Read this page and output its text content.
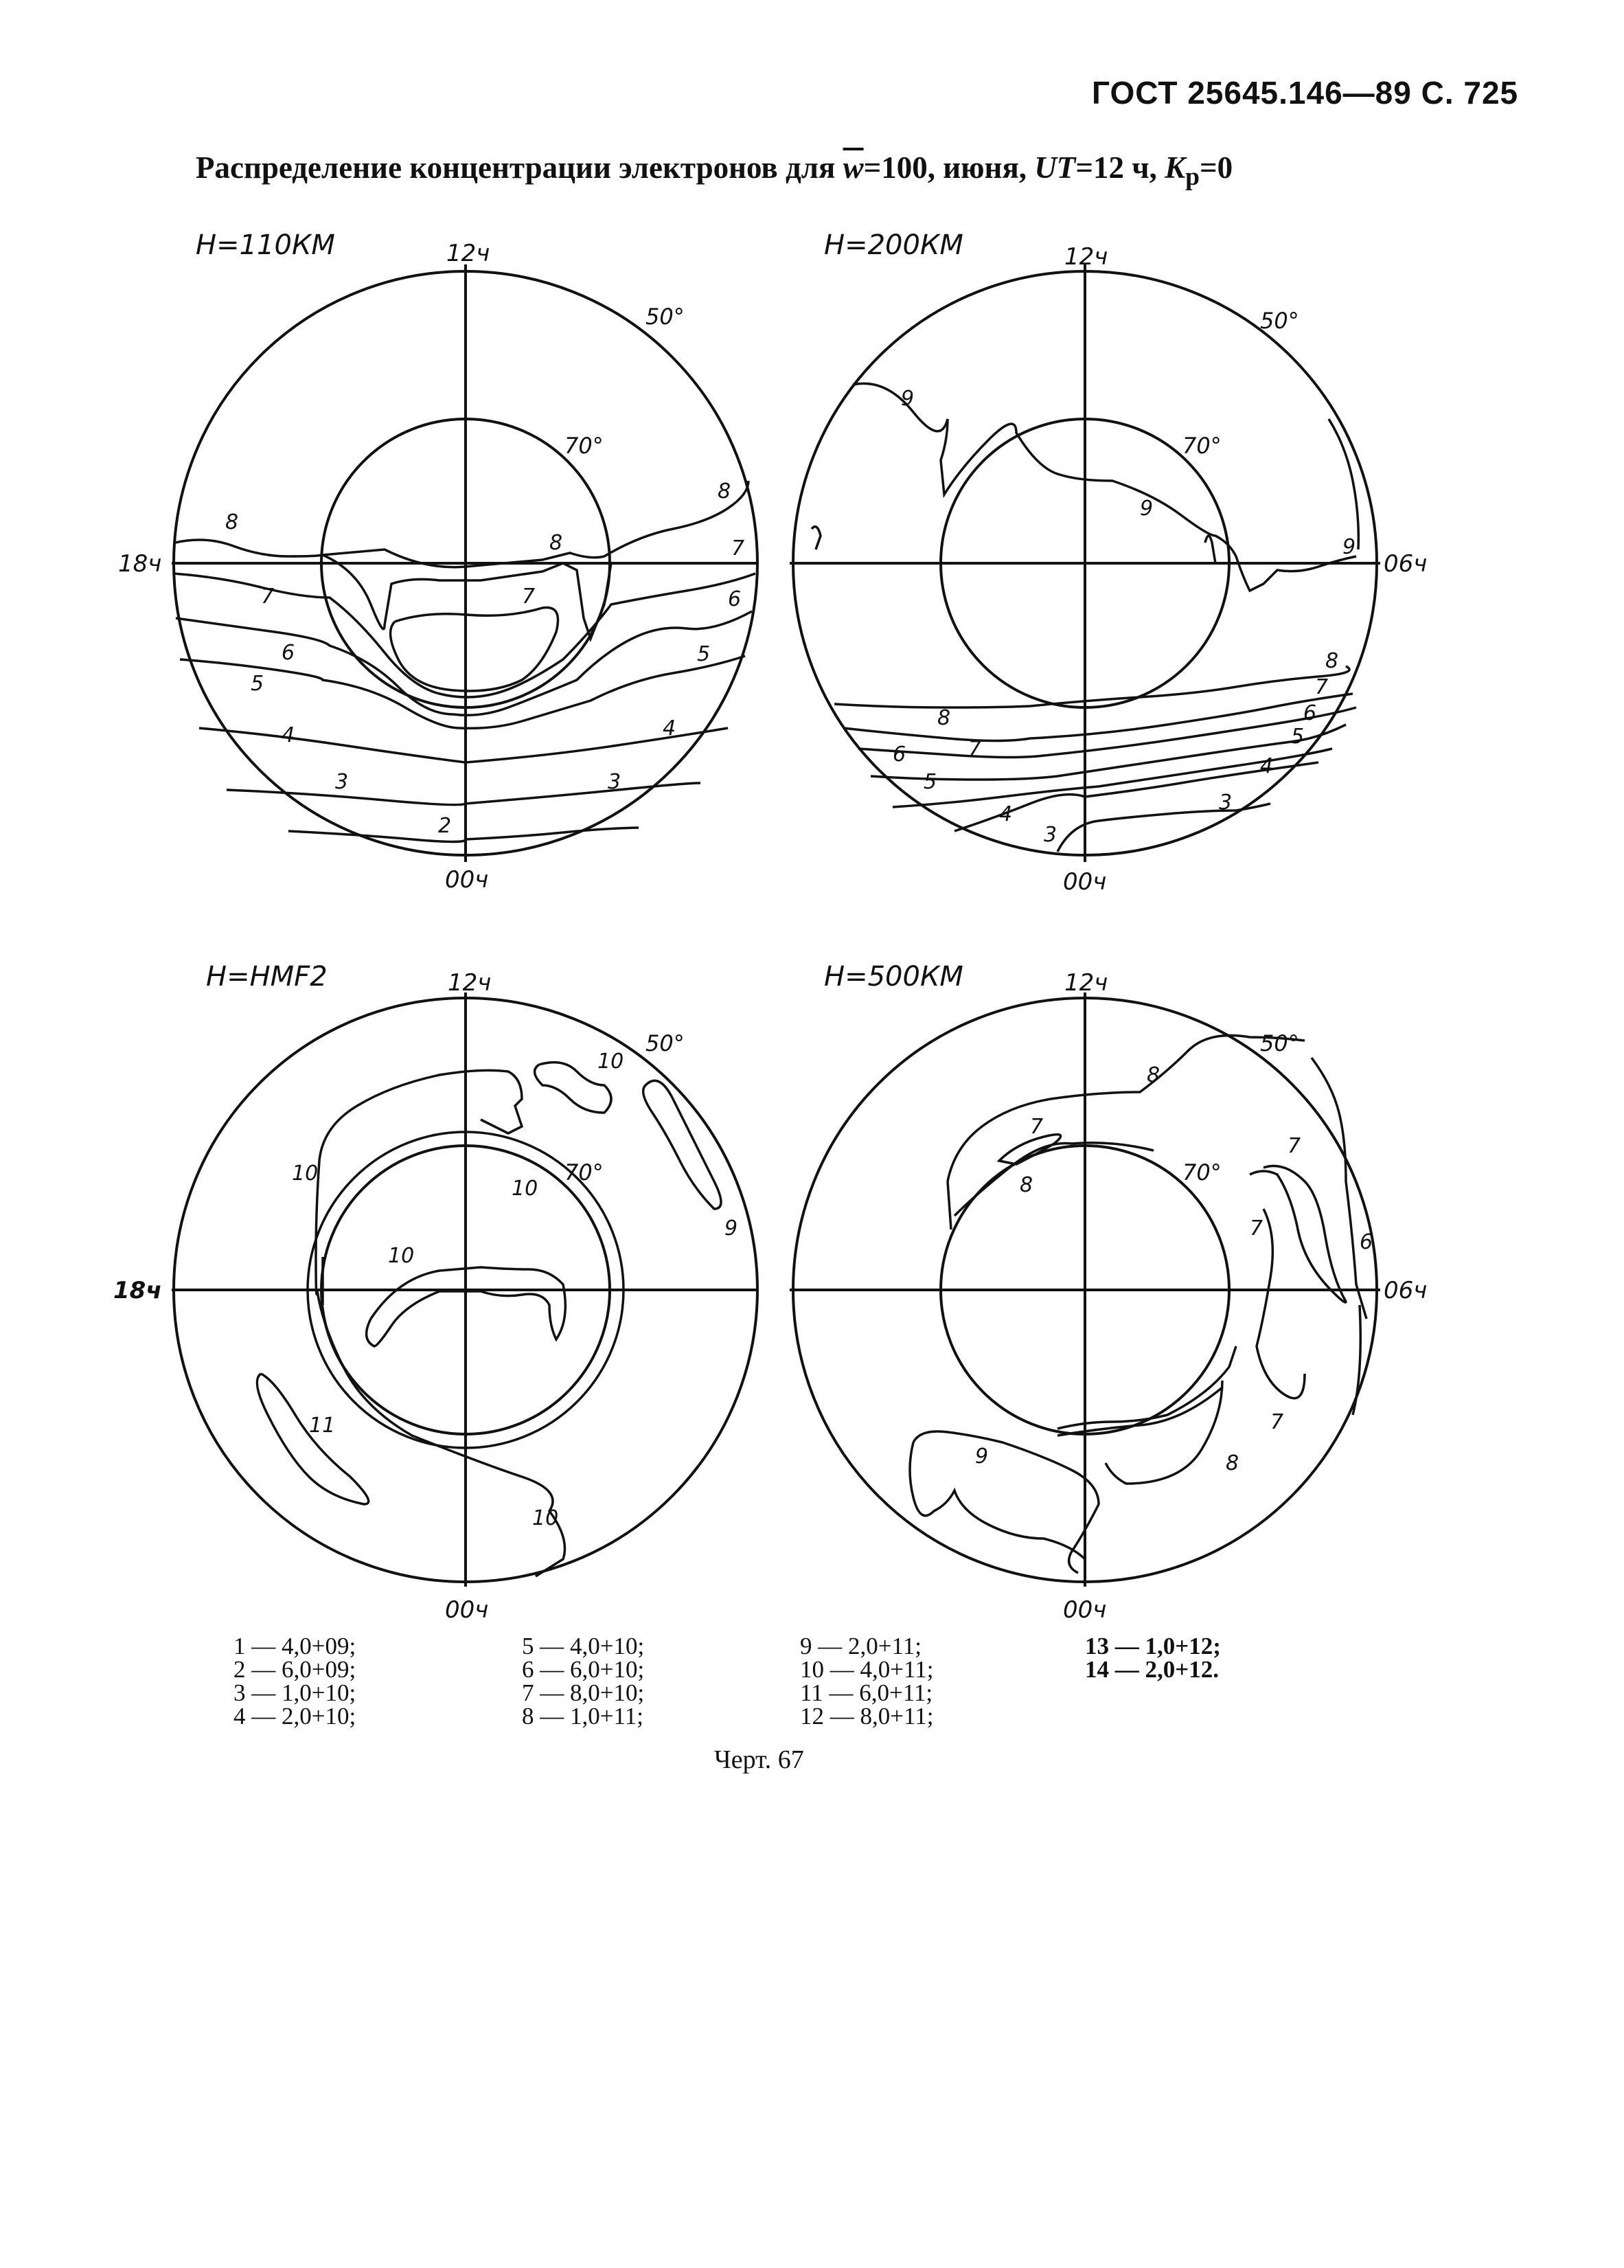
ГОСТ 25645.146—89 С. 725
Распределение концентрации электронов для $\overline{w}=100$, июня, UT=12 ч, $K_p=0$
H=110КМ	12ч
00ч
18ч
50°
70°
8
8
8
7	7
7
6
6
5
5
4	4
3	3
2
H=200КМ	12ч
00ч
06ч
50°
70°
9
9
9
8
8
7
7
6
6
5
5
4
4
3
3
H=HMF2	12ч
00ч
18ч
50°
70°
10
10
10
10
9
11
10
H=500КМ	12ч
00ч
06ч
50°
70°
8
7
8
7
7
6
7
8
9
1 — 4,0+09;
2 — 6,0+09;
3 — 1,0+10;
4 — 2,0+10;
5 — 4,0+10;
6 — 6,0+10;
7 — 8,0+10;
8 — 1,0+11;
9 — 2,0+11;
10 — 4,0+11;
11 — 6,0+11;
12 — 8,0+11;
13 — 1,0+12;
14 — 2,0+12.
Черт. 67
